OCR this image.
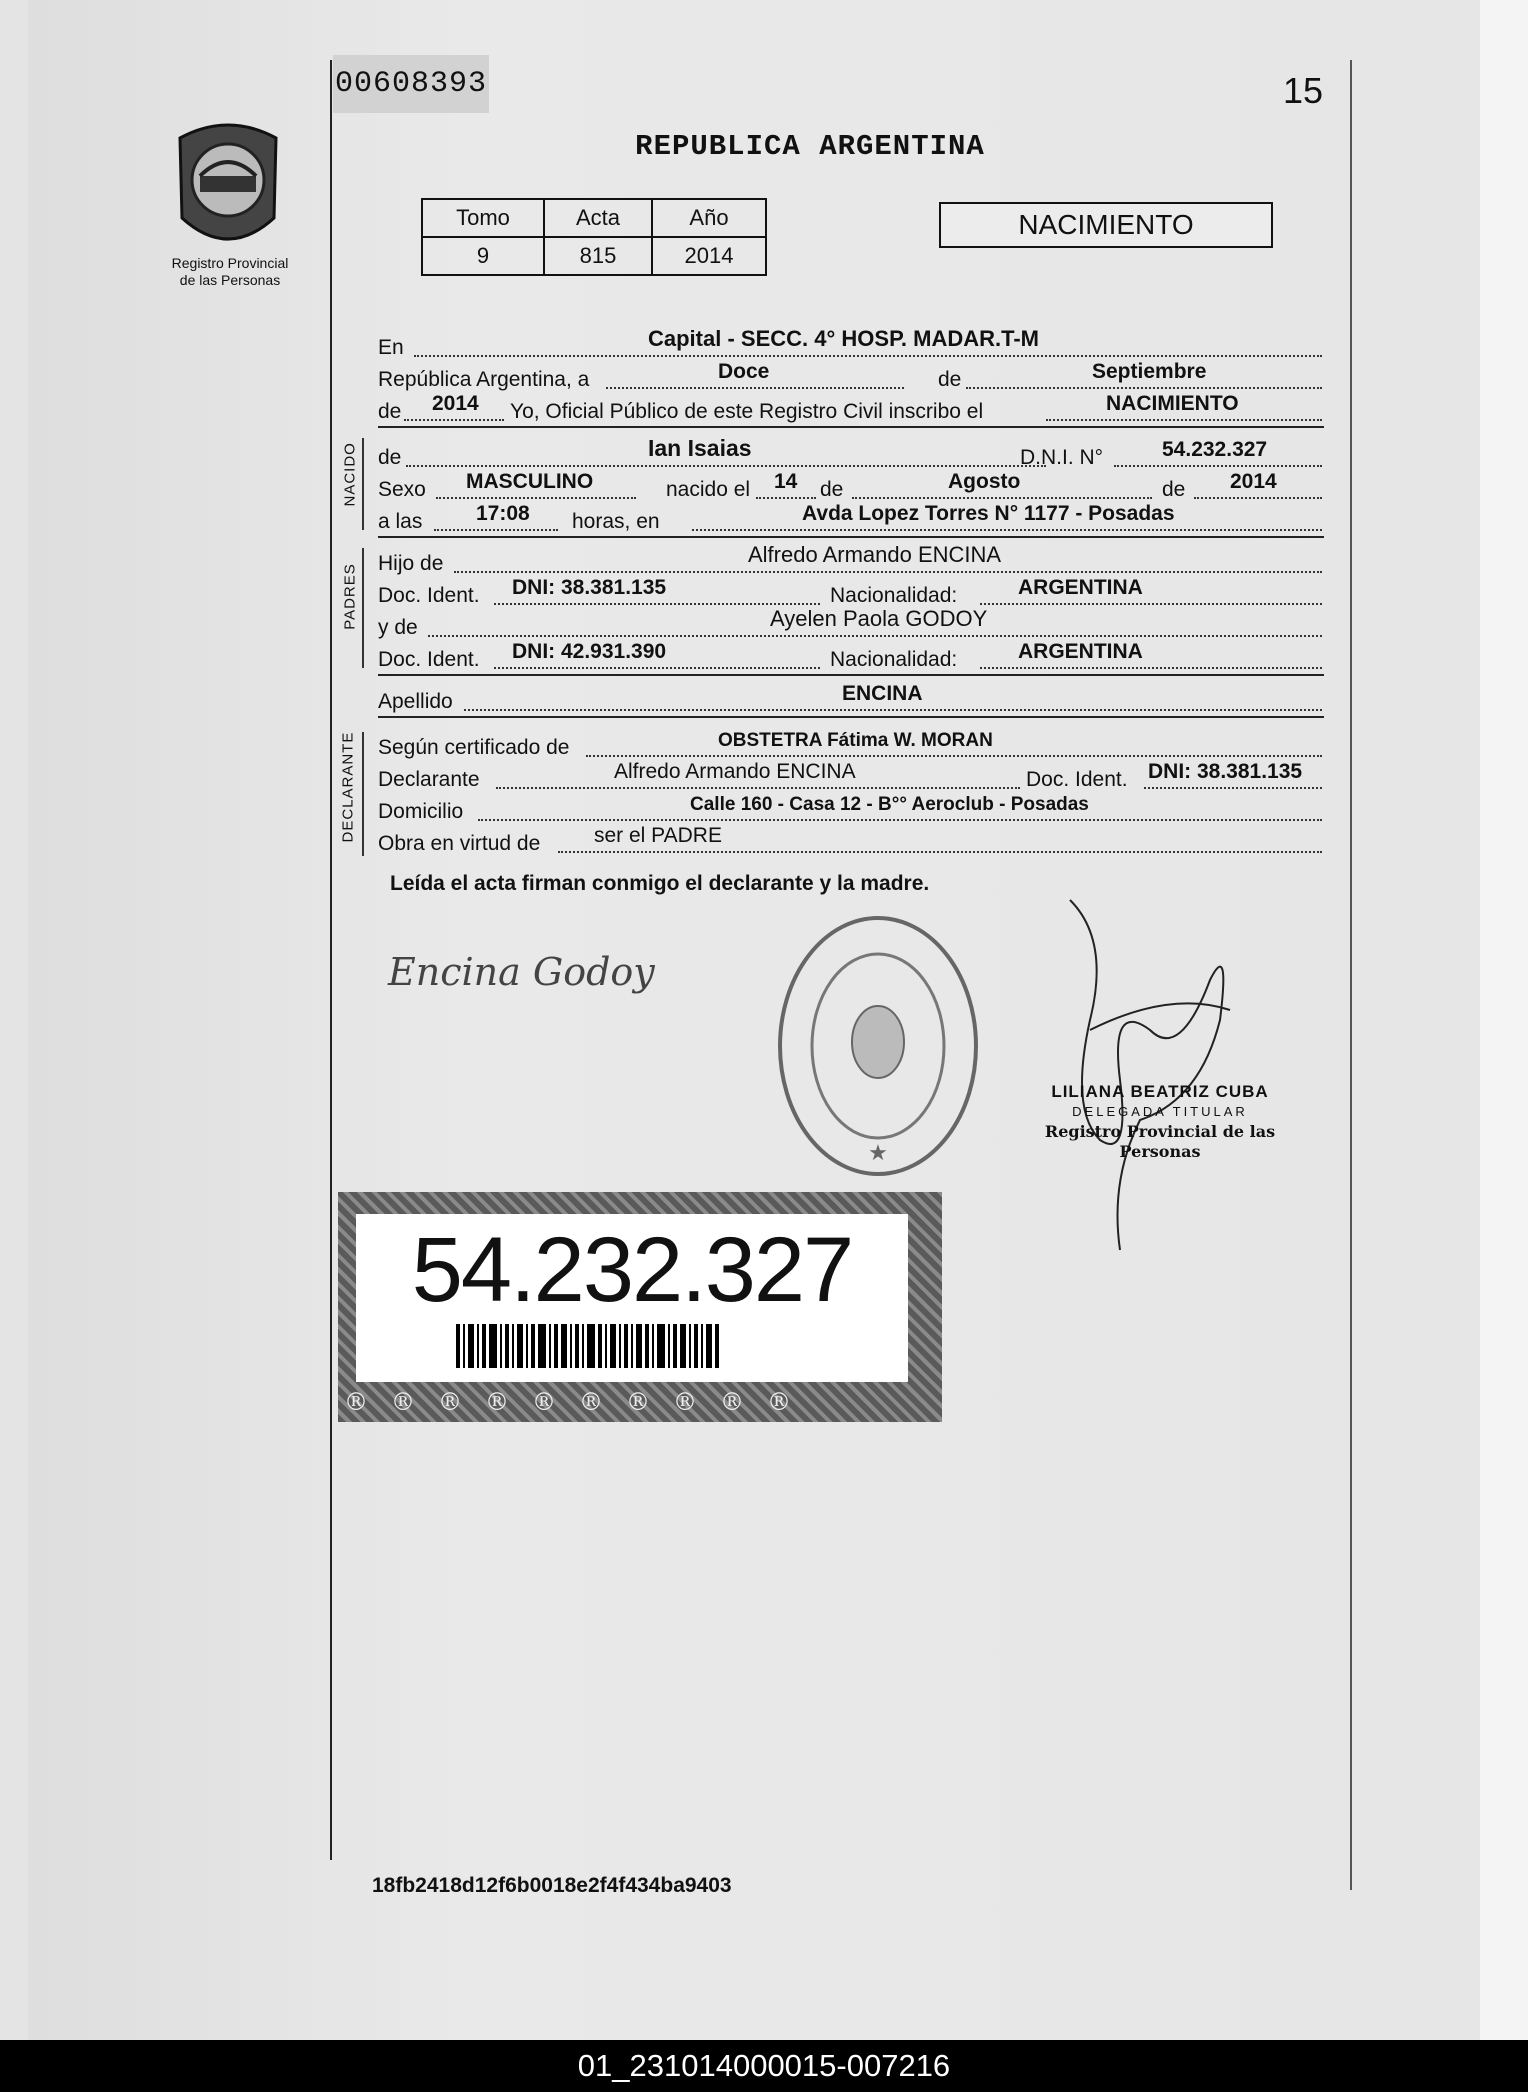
Registro Provincial
de las Personas
00608393	15
REPUBLICA ARGENTINA
Tomo	Acta	Año
9	815	2014
NACIMIENTO
En	Capital - SECC. 4° HOSP. MADAR.T-M
República Argentina, a	Doce	de	Septiembre
de 2014 Yo, Oficial Público de este Registro Civil inscribo el	NACIMIENTO
NACIDO de	Ian Isaias	D.N.I. N°	54.232.327
Sexo MASCULINO	nacido el 14 de	Agosto	de 2014
a las	17:08 horas, en	Avda Lopez Torres N° 1177 - Posadas
PADRES Hijo de	Alfredo Armando ENCINA
Doc. Ident. DNI: 38.381.135	Nacionalidad:	ARGENTINA
y de	Ayelen Paola GODOY
Doc. Ident. DNI: 42.931.390	Nacionalidad:	ARGENTINA
Apellido	ENCINA
DECLARANTE Según certificado de	OBSTETRA Fátima W. MORAN
Declarante	Alfredo Armando ENCINA	Doc. Ident. DNI: 38.381.135
Domicilio	Calle 160 - Casa 12 - B°° Aeroclub - Posadas
Obra en virtud de	ser el PADRE
Leída el acta firman conmigo el declarante y la madre.
Encina Godoy
★
LILIANA BEATRIZ CUBA
DELEGADA TITULAR
Registro Provincial de las Personas
54.232.327
®®®®®®®®®®
18fb2418d12f6b0018e2f4f434ba9403
01_231014000015-007216
